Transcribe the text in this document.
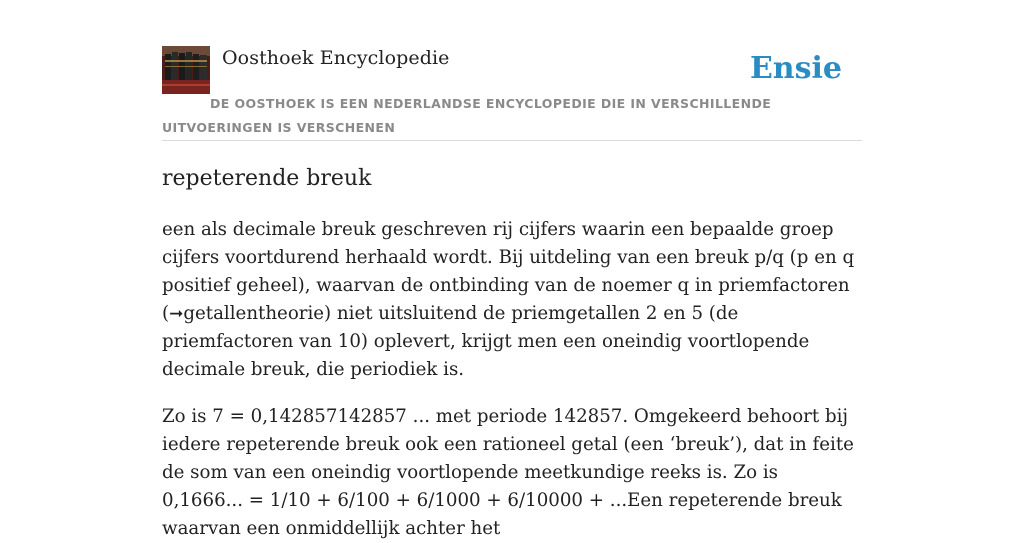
Oosthoek Encyclopedie	Ensie
DE OOSTHOEK IS EEN NEDERLANDSE ENCYCLOPEDIE DIE IN VERSCHILLENDE UITVOERINGEN IS VERSCHENEN
repeterende breuk

een als decimale breuk geschreven rij cijfers waarin een bepaalde groep cijfers voortdurend herhaald wordt. Bij uitdeling van een breuk p/q (p en q positief geheel), waarvan de ontbinding van de noemer q in priemfactoren (➞getallentheorie) niet uitsluitend de priemgetallen 2 en 5 (de priemfactoren van 10) oplevert, krijgt men een oneindig voortlopende decimale breuk, die periodiek is.

Zo is 7 = 0,142857142857 ... met periode 142857. Omgekeerd behoort bij iedere repeterende breuk ook een rationeel getal (een ‘breuk’), dat in feite de som van een oneindig voortlopende meetkundige reeks is. Zo is 0,1666... = 1/10 + 6/100 + 6/1000 + 6/10000 + ...Een repeterende breuk waarvan een onmiddellijk achter het
